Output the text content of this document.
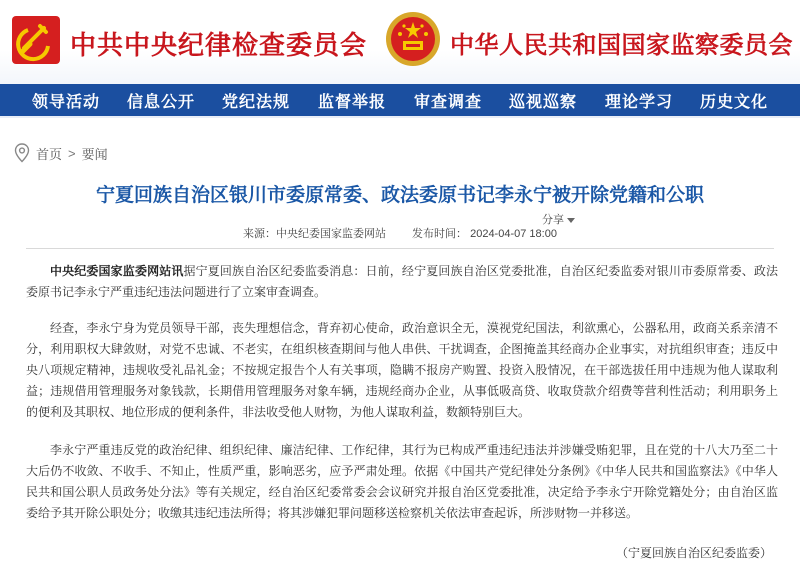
中共中央纪律检查委员会	中华人民共和国国家监察委员会
领导活动 信息公开 党纪法规 监督举报 审查调查 巡视巡察 理论学习 历史文化
首页 > 要闻
宁夏回族自治区银川市委原常委、政法委原书记李永宁被开除党籍和公职
分享
来源：中央纪委国家监委网站 发布时间： 2024-04-07 18:00

中央纪委国家监委网站讯据宁夏回族自治区纪委监委消息：日前，经宁夏回族自治区党委批准，自治区纪委监委对银川市委原常委、政法委原书记李永宁严重违纪违法问题进行了立案审查调查。

经查，李永宁身为党员领导干部，丧失理想信念，背弃初心使命，政治意识全无，漠视党纪国法，利欲熏心，公器私用，政商关系亲清不分，利用职权大肆敛财，对党不忠诚、不老实，在组织核查期间与他人串供、干扰调查，企图掩盖其经商办企业事实，对抗组织审查；违反中央八项规定精神，违规收受礼品礼金；不按规定报告个人有关事项，隐瞒不报房产购置、投资入股情况，在干部选拔任用中违规为他人谋取利益；违规借用管理服务对象钱款，长期借用管理服务对象车辆，违规经商办企业，从事低吸高贷、收取贷款介绍费等营利性活动；利用职务上的便利及其职权、地位形成的便利条件，非法收受他人财物，为他人谋取利益，数额特别巨大。

李永宁严重违反党的政治纪律、组织纪律、廉洁纪律、工作纪律，其行为已构成严重违纪违法并涉嫌受贿犯罪，且在党的十八大乃至二十大后仍不收敛、不收手、不知止，性质严重，影响恶劣，应予严肃处理。依据《中国共产党纪律处分条例》《中华人民共和国监察法》《中华人民共和国公职人员政务处分法》等有关规定，经自治区纪委常委会会议研究并报自治区党委批准，决定给予李永宁开除党籍处分；由自治区监委给予其开除公职处分；收缴其违纪违法所得；将其涉嫌犯罪问题移送检察机关依法审查起诉，所涉财物一并移送。

（宁夏回族自治区纪委监委）
